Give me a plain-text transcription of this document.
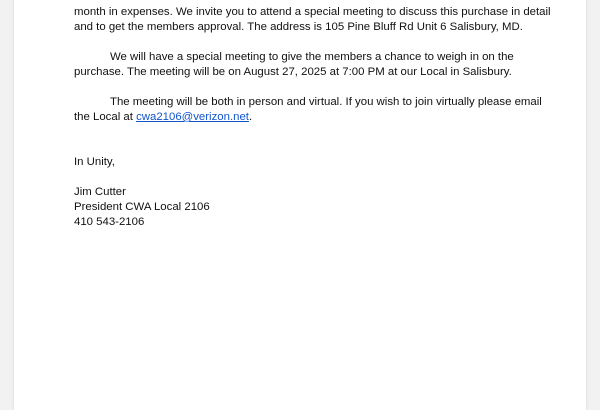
month in expenses. We invite you to attend a special meeting to discuss this purchase in detail
and to get the members approval. The address is 105 Pine Bluff Rd Unit 6 Salisbury, MD.
We will have a special meeting to give the members a chance to weigh in on the
purchase. The meeting will be on August 27, 2025 at 7:00 PM at our Local in Salisbury.
The meeting will be both in person and virtual. If you wish to join virtually please email
the Local at cwa2106@verizon.net.
In Unity,
Jim Cutter
President CWA Local 2106
410 543-2106
